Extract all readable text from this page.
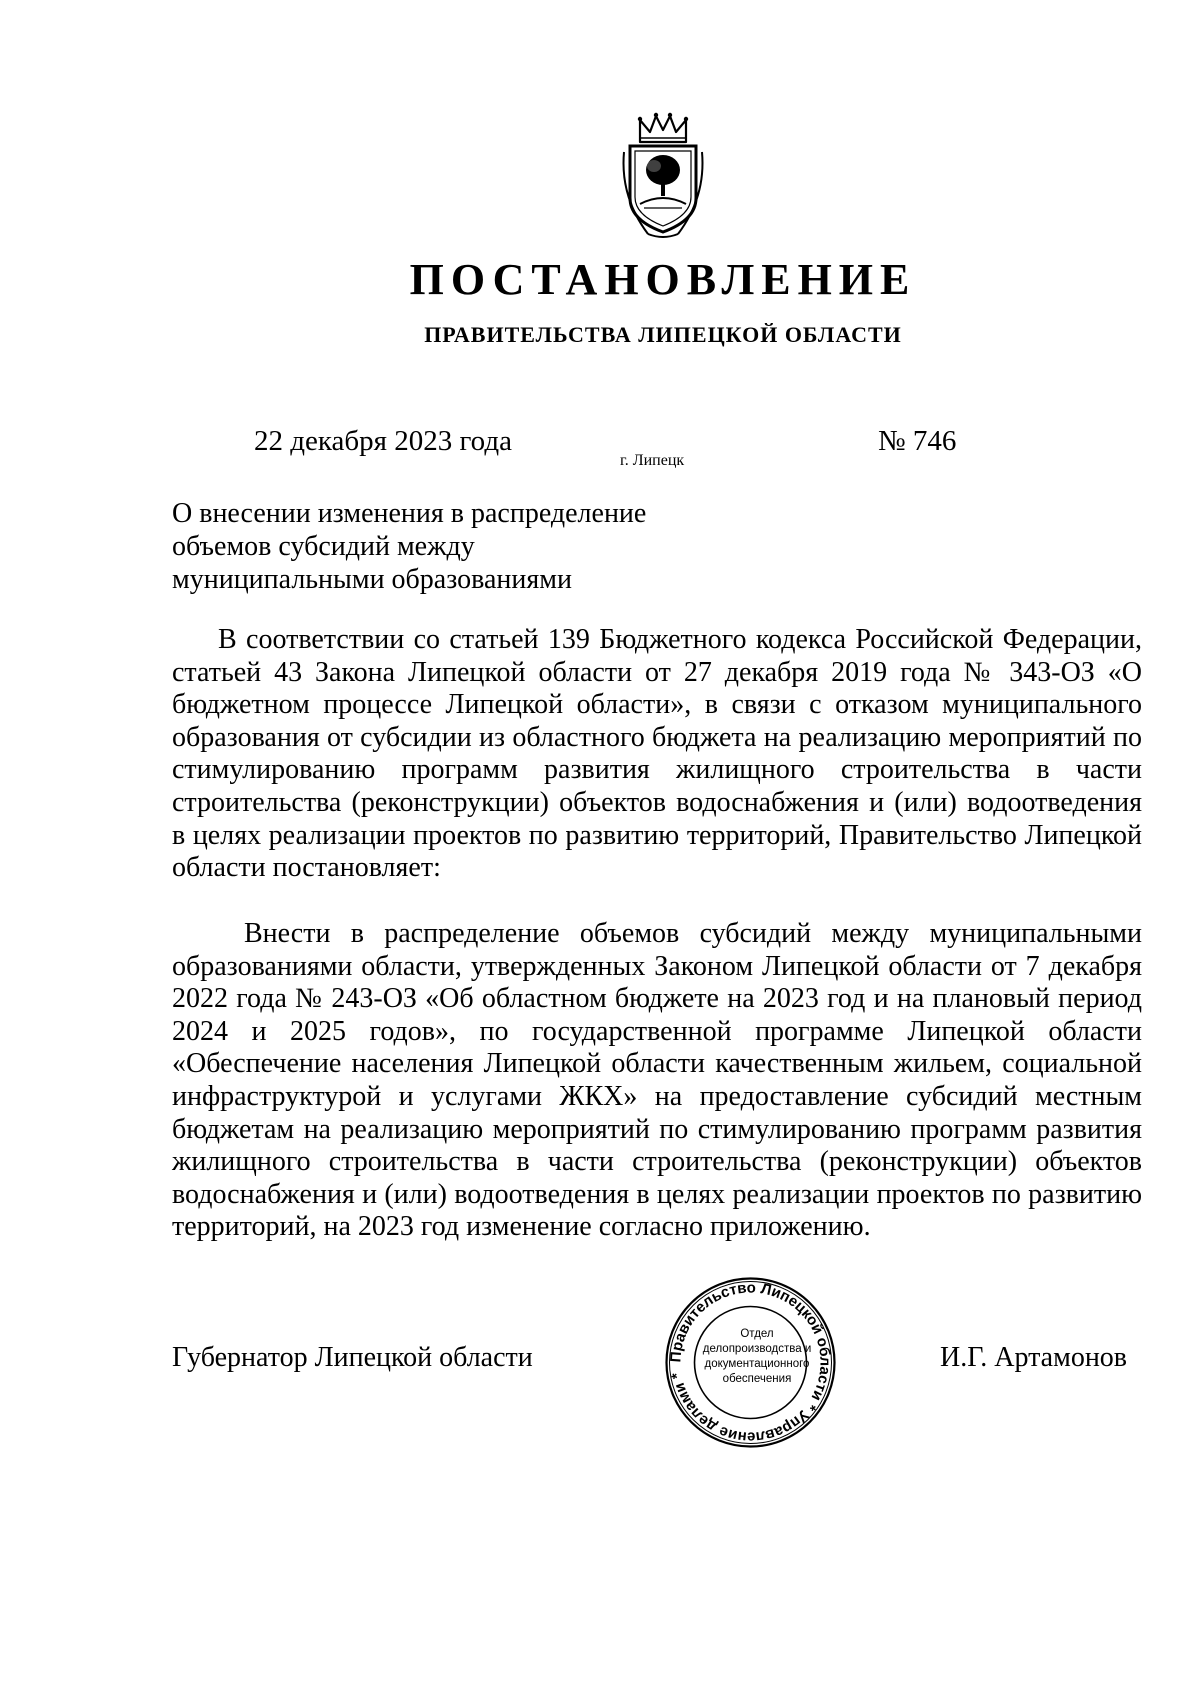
ПОСТАНОВЛЕНИЕ
ПРАВИТЕЛЬСТВА ЛИПЕЦКОЙ ОБЛАСТИ
22 декабря 2023 года
г. Липецк
№ 746
О внесении изменения в распределение
объемов субсидий между
муниципальными образованиями

В соответствии со статьей 139 Бюджетного кодекса Российской Федерации, статьей 43 Закона Липецкой области от 27 декабря 2019 года № 343-ОЗ «О бюджетном процессе Липецкой области», в связи с отказом муниципального образования от субсидии из областного бюджета на реализацию мероприятий по стимулированию программ развития жилищного строительства в части строительства (реконструкции) объектов водоснабжения и (или) водоотведения в целях реализации проектов по развитию территорий, Правительство Липецкой области постановляет:

Внести в распределение объемов субсидий между муниципальными образованиями области, утвержденных Законом Липецкой области от 7 декабря 2022 года № 243-ОЗ «Об областном бюджете на 2023 год и на плановый период 2024 и 2025 годов», по государственной программе Липецкой области «Обеспечение населения Липецкой области качественным жильем, социальной инфраструктурой и услугами ЖКХ» на предоставление субсидий местным бюджетам на реализацию мероприятий по стимулированию программ развития жилищного строительства в части строительства (реконструкции) объектов водоснабжения и (или) водоотведения в целях реализации проектов по развитию территорий, на 2023 год изменение согласно приложению.

Губернатор Липецкой области	И.Г. Артамонов
Правительство Липецкой области * Управление делами *
Отдел
делопроизводства и
документационного
обеспечения
